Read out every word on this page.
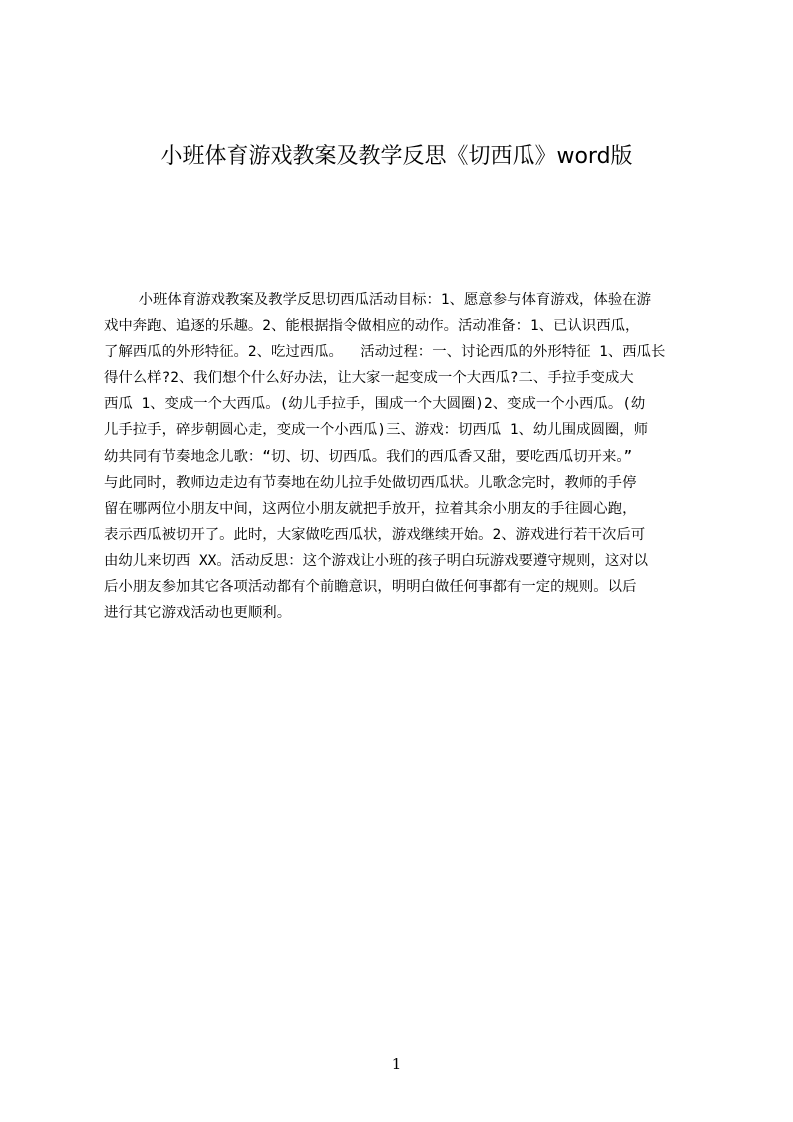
小班体育游戏教案及教学反思《切西瓜》word版
小班体育游戏教案及教学反思切西瓜活动目标：1、愿意参与体育游戏，体验在游
戏中奔跑、追逐的乐趣。2、能根据指令做相应的动作。活动准备：1、已认识西瓜，
了解西瓜的外形特征。2、吃过西瓜。  活动过程：一、讨论西瓜的外形特征 1、西瓜长
得什么样?2、我们想个什么好办法，让大家一起变成一个大西瓜?二、手拉手变成大
西瓜 1、变成一个大西瓜。(幼儿手拉手，围成一个大圆圈)2、变成一个小西瓜。(幼
儿手拉手，碎步朝圆心走，变成一个小西瓜)三、游戏：切西瓜 1、幼儿围成圆圈，师
幼共同有节奏地念儿歌：“切、切、切西瓜。我们的西瓜香又甜，要吃西瓜切开来。”
与此同时，教师边走边有节奏地在幼儿拉手处做切西瓜状。儿歌念完时，教师的手停
留在哪两位小朋友中间，这两位小朋友就把手放开，拉着其余小朋友的手往圆心跑，
表示西瓜被切开了。此时，大家做吃西瓜状，游戏继续开始。2、游戏进行若干次后可
由幼儿来切西 XX。活动反思：这个游戏让小班的孩子明白玩游戏要遵守规则，这对以
后小朋友参加其它各项活动都有个前瞻意识，明明白做任何事都有一定的规则。以后
进行其它游戏活动也更顺利。
1
